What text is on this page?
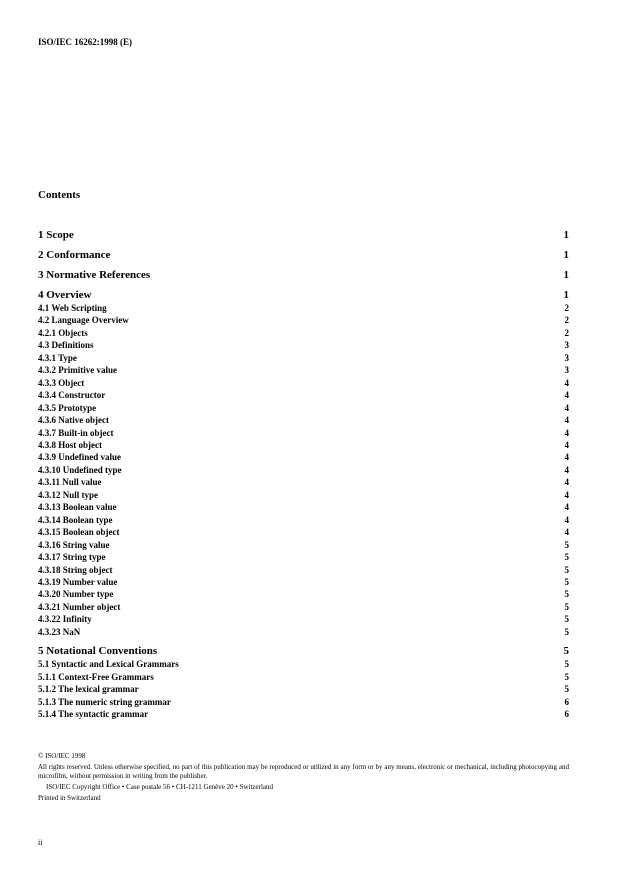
ISO/IEC 16262:1998 (E)
Contents
1 Scope	1
2 Conformance	1
3 Normative References	1
4 Overview	1
4.1 Web Scripting	2
4.2 Language Overview	2
4.2.1 Objects	2
4.3 Definitions	3
4.3.1 Type	3
4.3.2 Primitive value	3
4.3.3 Object	4
4.3.4 Constructor	4
4.3.5 Prototype	4
4.3.6 Native object	4
4.3.7 Built-in object	4
4.3.8 Host object	4
4.3.9 Undefined value	4
4.3.10 Undefined type	4
4.3.11 Null value	4
4.3.12 Null type	4
4.3.13 Boolean value	4
4.3.14 Boolean type	4
4.3.15 Boolean object	4
4.3.16 String value	5
4.3.17 String type	5
4.3.18 String object	5
4.3.19 Number value	5
4.3.20 Number type	5
4.3.21 Number object	5
4.3.22 Infinity	5
4.3.23 NaN	5
5 Notational Conventions	5
5.1 Syntactic and Lexical Grammars	5
5.1.1 Context-Free Grammars	5
5.1.2 The lexical grammar	5
5.1.3 The numeric string grammar	6
5.1.4 The syntactic grammar	6
© ISO/IEC 1998
All rights reserved. Unless otherwise specified, no part of this publication may be reproduced or utilized in any form or by any means, electronic or mechanical, including photocopying and microfilm, without permission in writing from the publisher.
ISO/IEC Copyright Office • Case postale 56 • CH-1211 Genève 20 • Switzerland
Printed in Switzerland
ii
